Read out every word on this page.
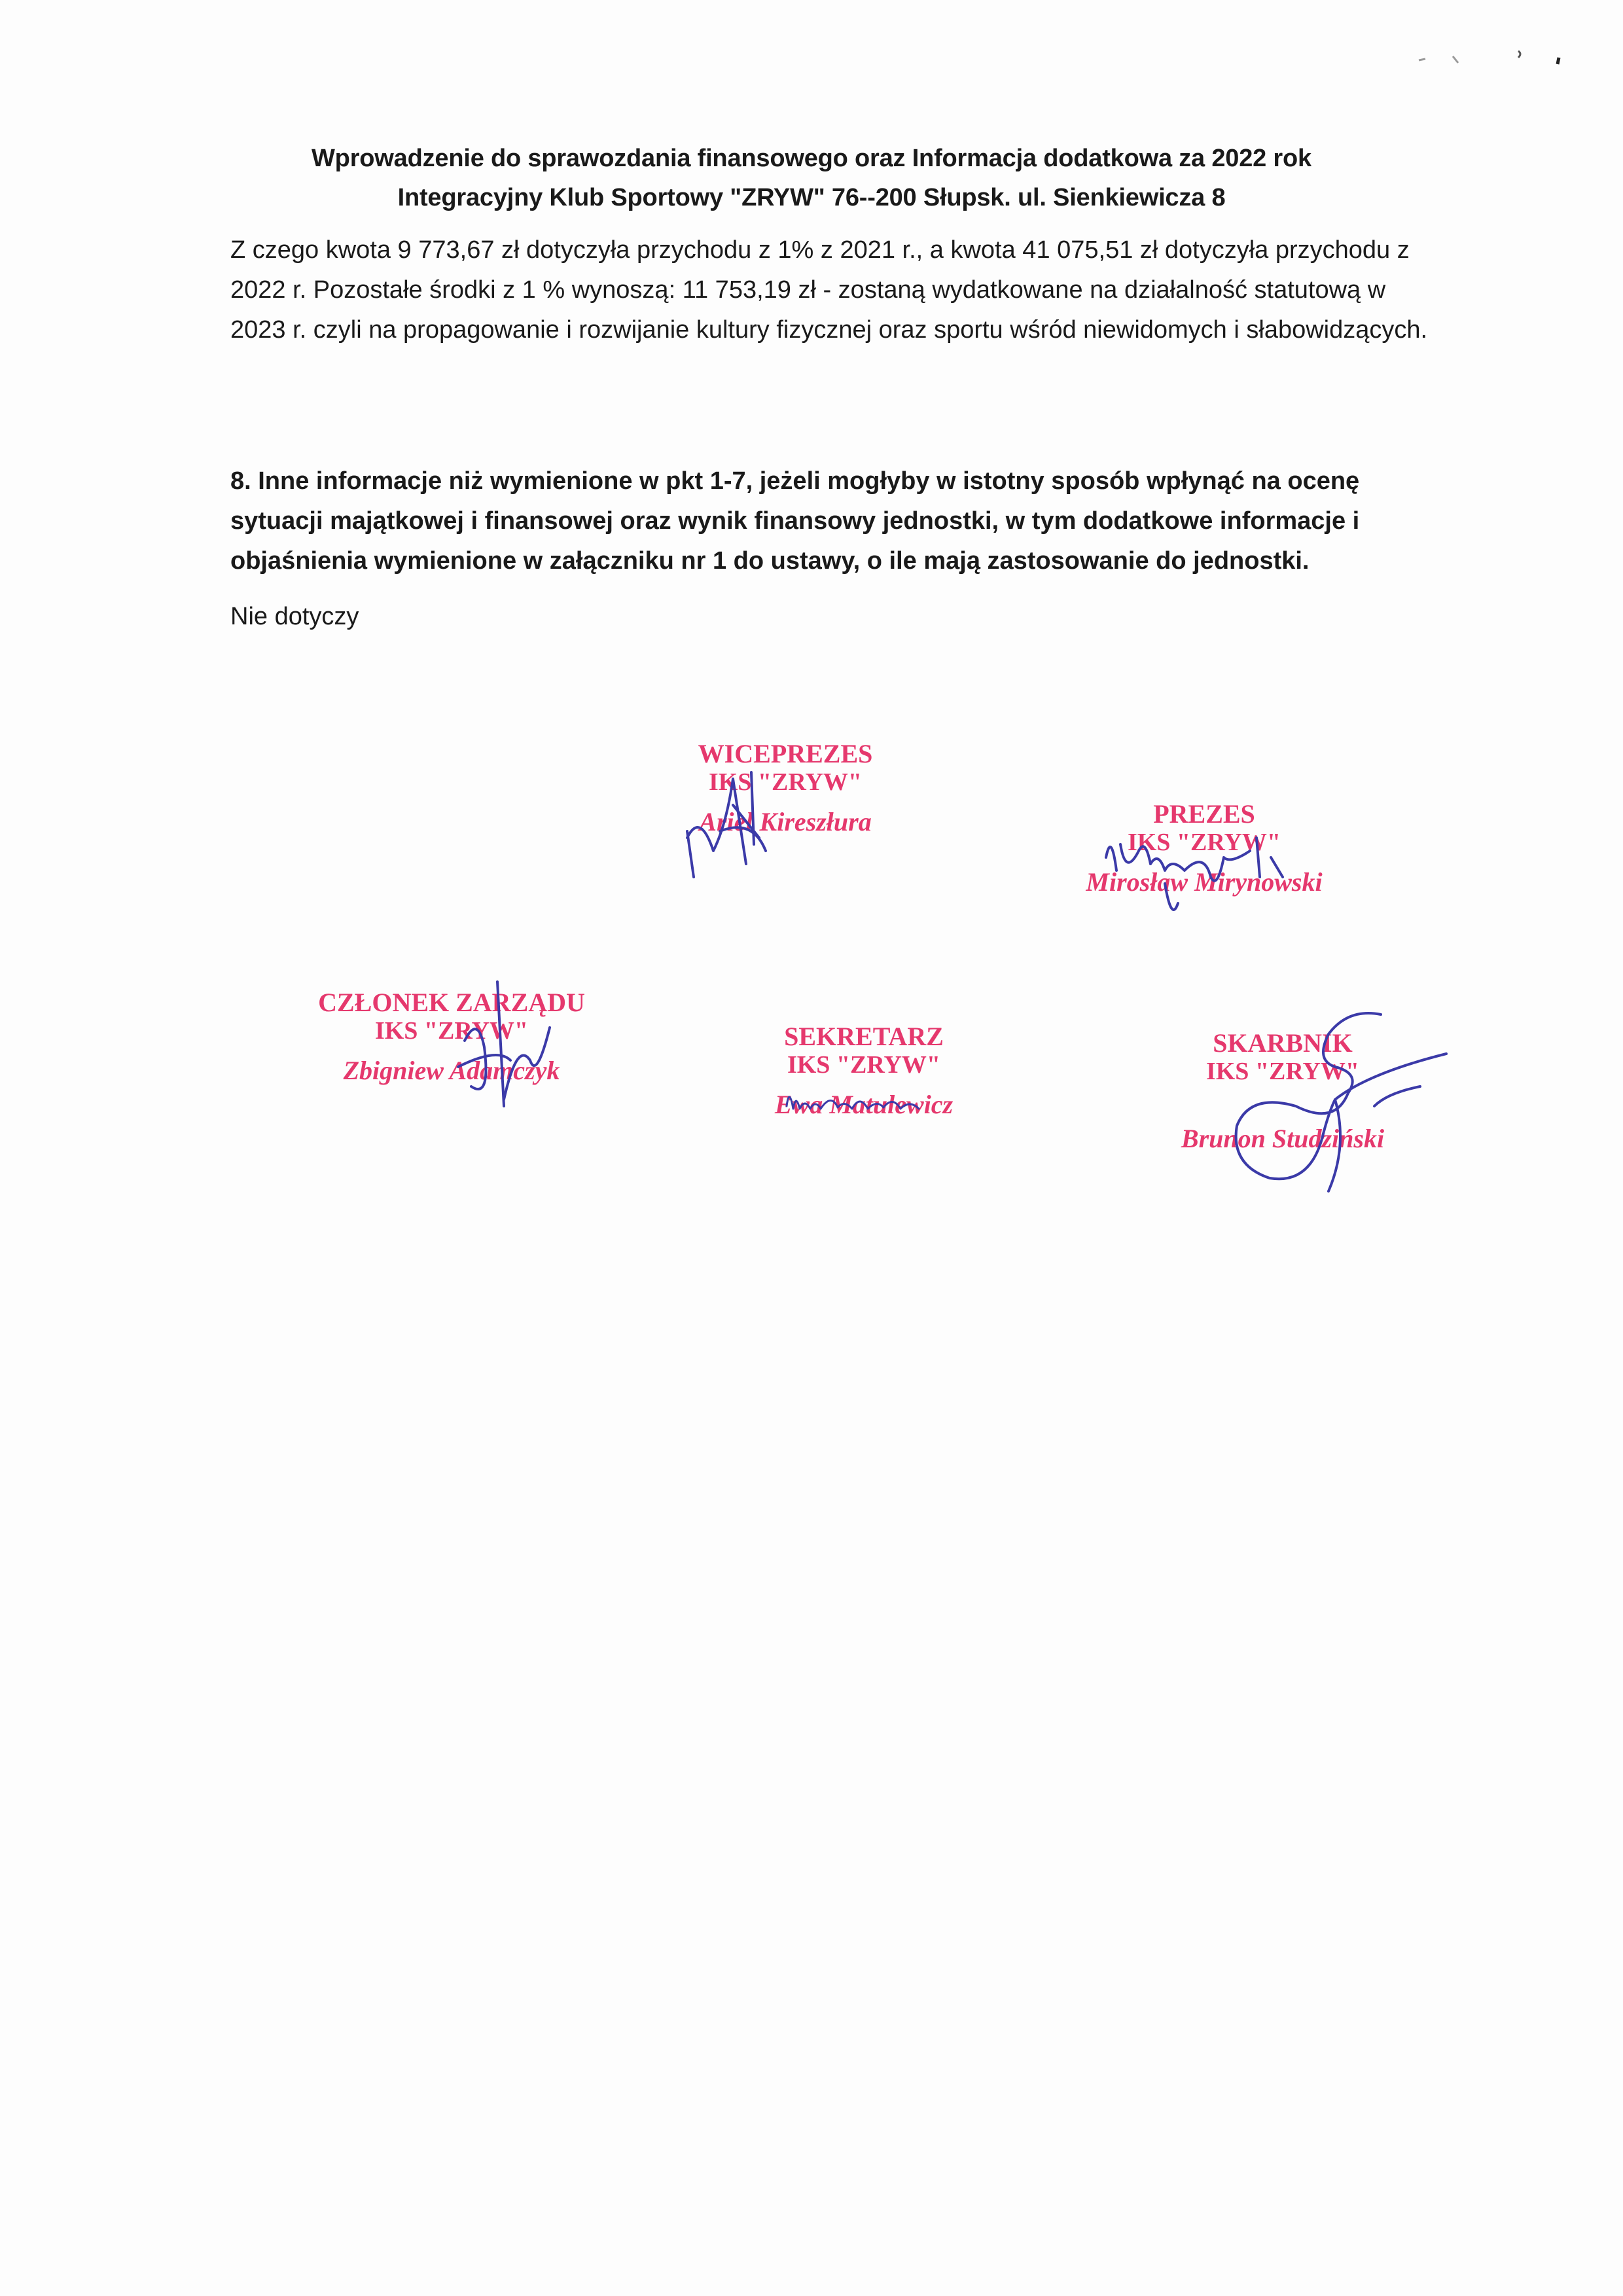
Wprowadzenie do sprawozdania finansowego oraz Informacja dodatkowa za 2022 rok
Integracyjny Klub Sportowy "ZRYW" 76--200 Słupsk. ul. Sienkiewicza 8
Z czego kwota 9 773,67 zł dotyczyła przychodu z 1% z 2021 r., a kwota 41 075,51 zł dotyczyła przychodu z 2022 r. Pozostałe środki z 1 % wynoszą: 11 753,19 zł - zostaną wydatkowane na działalność statutową w 2023 r. czyli na propagowanie i rozwijanie kultury fizycznej oraz sportu wśród niewidomych i słabowidzących.
8. Inne informacje niż wymienione w pkt 1-7, jeżeli mogłyby w istotny sposób wpłynąć na ocenę sytuacji majątkowej i finansowej oraz wynik finansowy jednostki, w tym dodatkowe informacje i objaśnienia wymienione w załączniku nr 1 do ustawy, o ile mają zastosowanie do jednostki.
Nie dotyczy
WICEPREZES
IKS "ZRYW"
Ariel Kireszłura	PREZES
IKS "ZRYW"
Mirosław Mirynowski
CZŁONEK ZARZĄDU
IKS "ZRYW"
Zbigniew Adamczyk
SEKRETARZ
IKS "ZRYW"
Ewa Matulewicz
SKARBNIK
IKS "ZRYW"
Brunon Studziński
